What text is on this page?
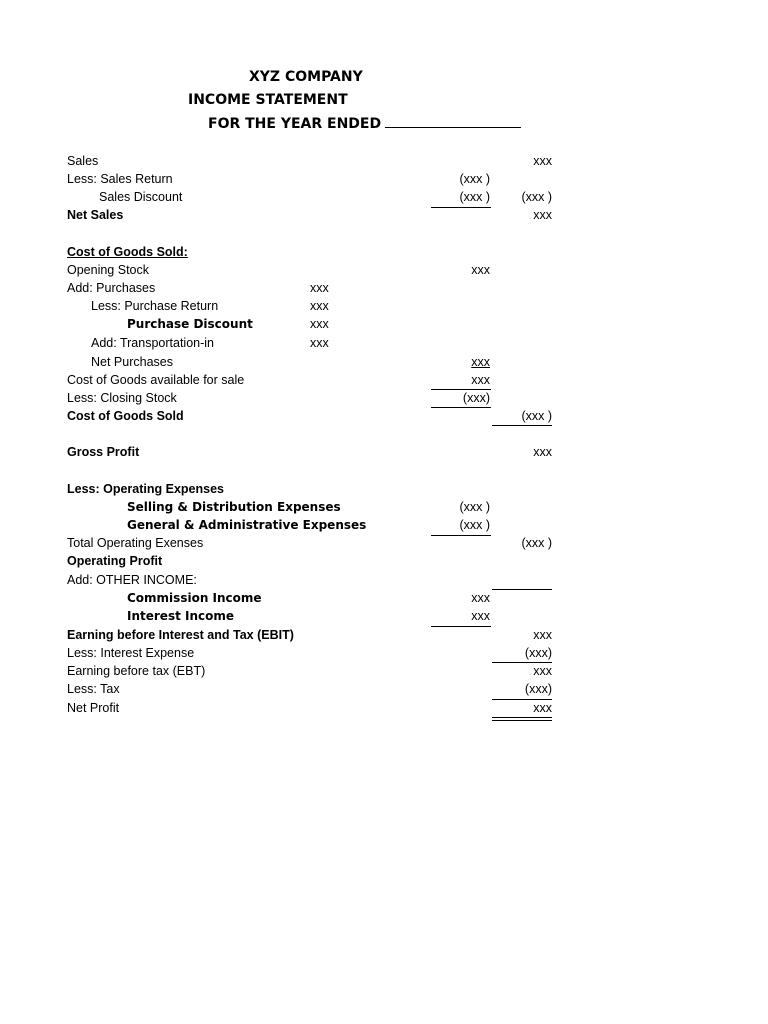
XYZ COMPANY
INCOME STATEMENT
FOR THE YEAR ENDED
Sales	xxx
Less: Sales Return	(xxx )
Sales Discount	(xxx )	(xxx )
Net Sales	xxx
Cost of Goods Sold:
Opening Stock	xxx
Add: Purchases	xxx
Less: Purchase Return	xxx
Purchase Discount	xxx
Add: Transportation-in	xxx
Net Purchases	xxx
Cost of Goods available for sale	xxx
Less: Closing Stock	(xxx)
Cost of Goods Sold	(xxx )
Gross Profit	xxx
Less: Operating Expenses
Selling & Distribution Expenses	(xxx )
General & Administrative Expenses	(xxx )
Total Operating Exenses	(xxx )
Operating Profit
Add: OTHER INCOME:
Commission Income	xxx
Interest Income	xxx
Earning before Interest and Tax (EBIT)	xxx
Less: Interest Expense	(xxx)
Earning before tax (EBT)	xxx
Less: Tax	(xxx)
Net Profit	xxx
